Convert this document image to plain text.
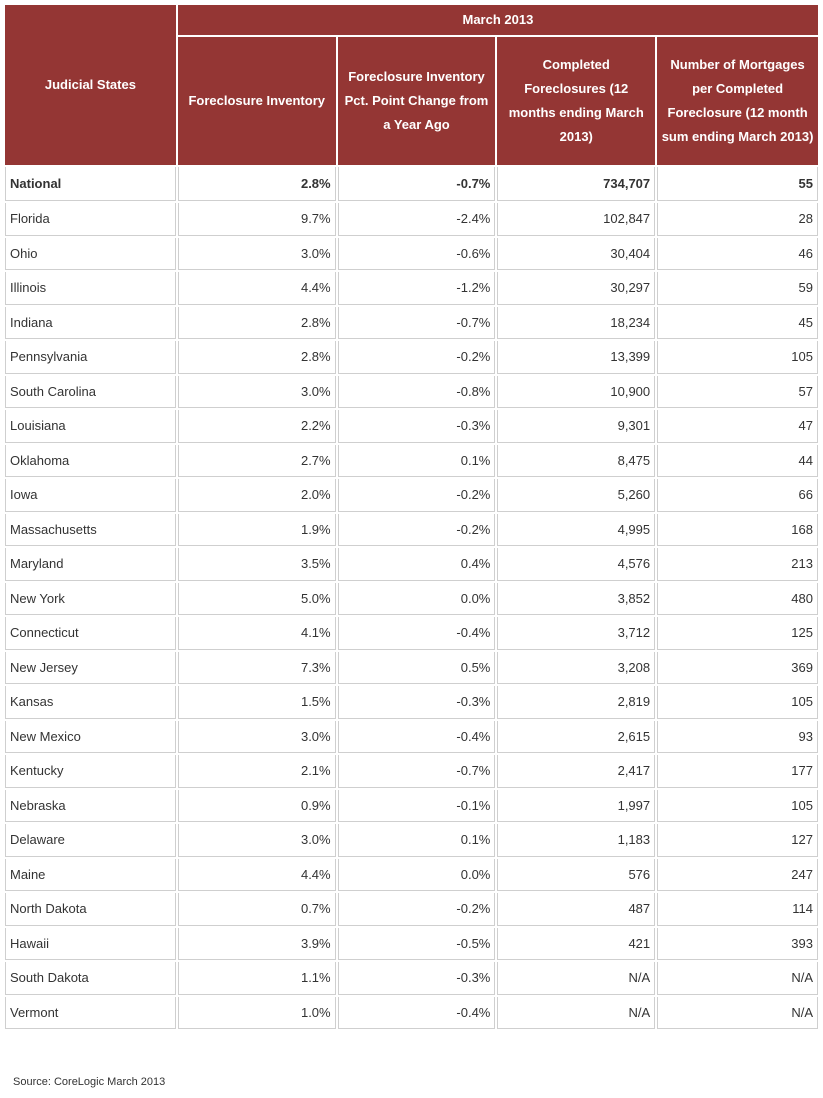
Judicial States	March 2013			
	Foreclosure Inventory	Foreclosure Inventory Pct. Point Change from a Year Ago	Completed Foreclosures (12 months ending March 2013)	Number of Mortgages per Completed Foreclosure (12 month sum ending March 2013)
National	2.8%	-0.7%	734,707	55
Florida	9.7%	-2.4%	102,847	28
Ohio	3.0%	-0.6%	30,404	46
Illinois	4.4%	-1.2%	30,297	59
Indiana	2.8%	-0.7%	18,234	45
Pennsylvania	2.8%	-0.2%	13,399	105
South Carolina	3.0%	-0.8%	10,900	57
Louisiana	2.2%	-0.3%	9,301	47
Oklahoma	2.7%	0.1%	8,475	44
Iowa	2.0%	-0.2%	5,260	66
Massachusetts	1.9%	-0.2%	4,995	168
Maryland	3.5%	0.4%	4,576	213
New York	5.0%	0.0%	3,852	480
Connecticut	4.1%	-0.4%	3,712	125
New Jersey	7.3%	0.5%	3,208	369
Kansas	1.5%	-0.3%	2,819	105
New Mexico	3.0%	-0.4%	2,615	93
Kentucky	2.1%	-0.7%	2,417	177
Nebraska	0.9%	-0.1%	1,997	105
Delaware	3.0%	0.1%	1,183	127
Maine	4.4%	0.0%	576	247
North Dakota	0.7%	-0.2%	487	114
Hawaii	3.9%	-0.5%	421	393
South Dakota	1.1%	-0.3%	N/A	N/A
Vermont	1.0%	-0.4%	N/A	N/A
Source: CoreLogic March 2013
